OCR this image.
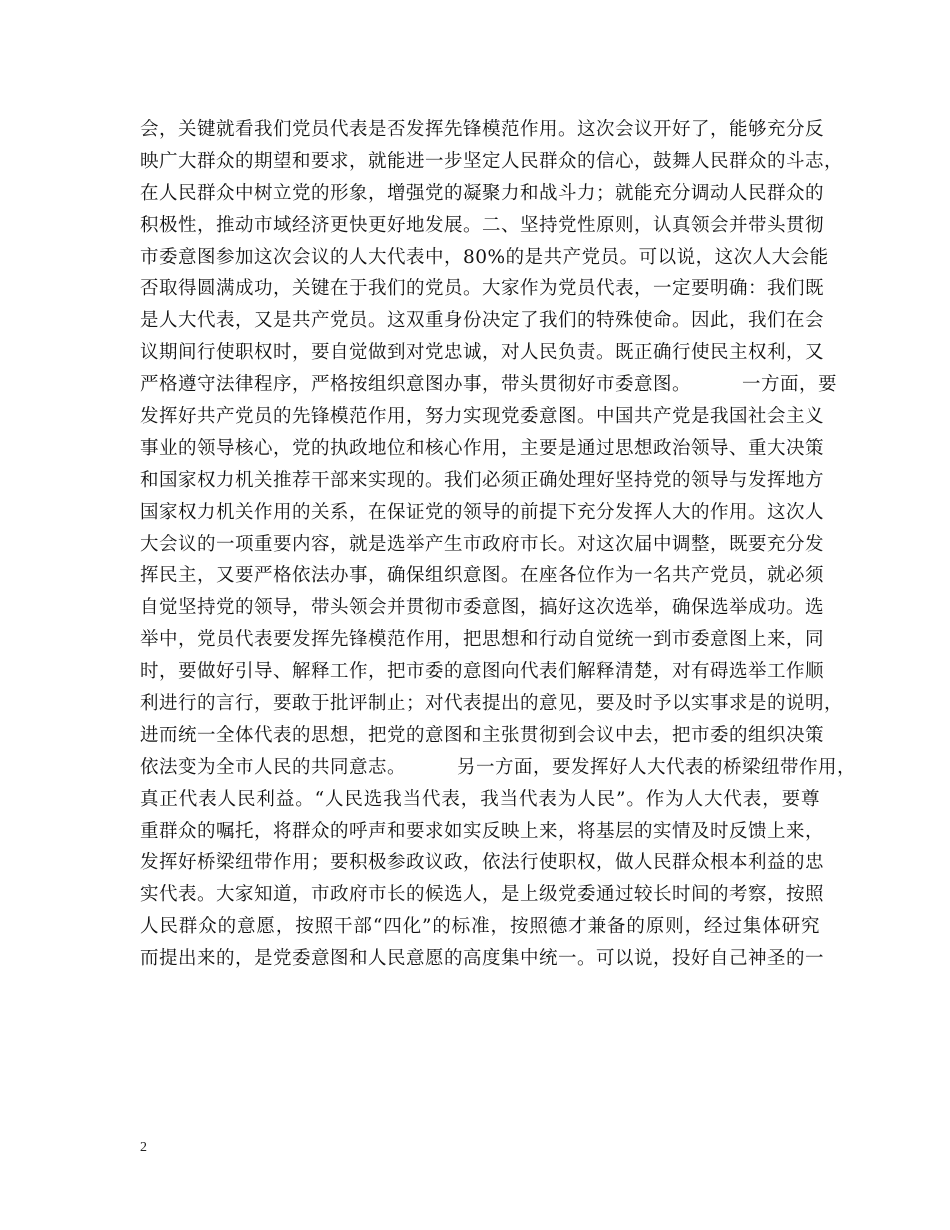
会，关键就看我们党员代表是否发挥先锋模范作用。这次会议开好了，能够充分反
映广大群众的期望和要求，就能进一步坚定人民群众的信心，鼓舞人民群众的斗志，
在人民群众中树立党的形象，增强党的凝聚力和战斗力；就能充分调动人民群众的
积极性，推动市域经济更快更好地发展。二、坚持党性原则，认真领会并带头贯彻
市委意图参加这次会议的人大代表中，80%的是共产党员。可以说，这次人大会能
否取得圆满成功，关键在于我们的党员。大家作为党员代表，一定要明确：我们既
是人大代表，又是共产党员。这双重身份决定了我们的特殊使命。因此，我们在会
议期间行使职权时，要自觉做到对党忠诚，对人民负责。既正确行使民主权利，又
严格遵守法律程序，严格按组织意图办事，带头贯彻好市委意图。        一方面，要
发挥好共产党员的先锋模范作用，努力实现党委意图。中国共产党是我国社会主义
事业的领导核心，党的执政地位和核心作用，主要是通过思想政治领导、重大决策
和国家权力机关推荐干部来实现的。我们必须正确处理好坚持党的领导与发挥地方
国家权力机关作用的关系，在保证党的领导的前提下充分发挥人大的作用。这次人
大会议的一项重要内容，就是选举产生市政府市长。对这次届中调整，既要充分发
挥民主，又要严格依法办事，确保组织意图。在座各位作为一名共产党员，就必须
自觉坚持党的领导，带头领会并贯彻市委意图，搞好这次选举，确保选举成功。选
举中，党员代表要发挥先锋模范作用，把思想和行动自觉统一到市委意图上来，同
时，要做好引导、解释工作，把市委的意图向代表们解释清楚，对有碍选举工作顺
利进行的言行，要敢于批评制止；对代表提出的意见，要及时予以实事求是的说明，
进而统一全体代表的思想，把党的意图和主张贯彻到会议中去，把市委的组织决策
依法变为全市人民的共同意志。        另一方面，要发挥好人大代表的桥梁纽带作用，
真正代表人民利益。“人民选我当代表，我当代表为人民”。作为人大代表，要尊
重群众的嘱托，将群众的呼声和要求如实反映上来，将基层的实情及时反馈上来，
发挥好桥梁纽带作用；要积极参政议政，依法行使职权，做人民群众根本利益的忠
实代表。大家知道，市政府市长的候选人，是上级党委通过较长时间的考察，按照
人民群众的意愿，按照干部“四化”的标准，按照德才兼备的原则，经过集体研究
而提出来的，是党委意图和人民意愿的高度集中统一。可以说，投好自己神圣的一
2
